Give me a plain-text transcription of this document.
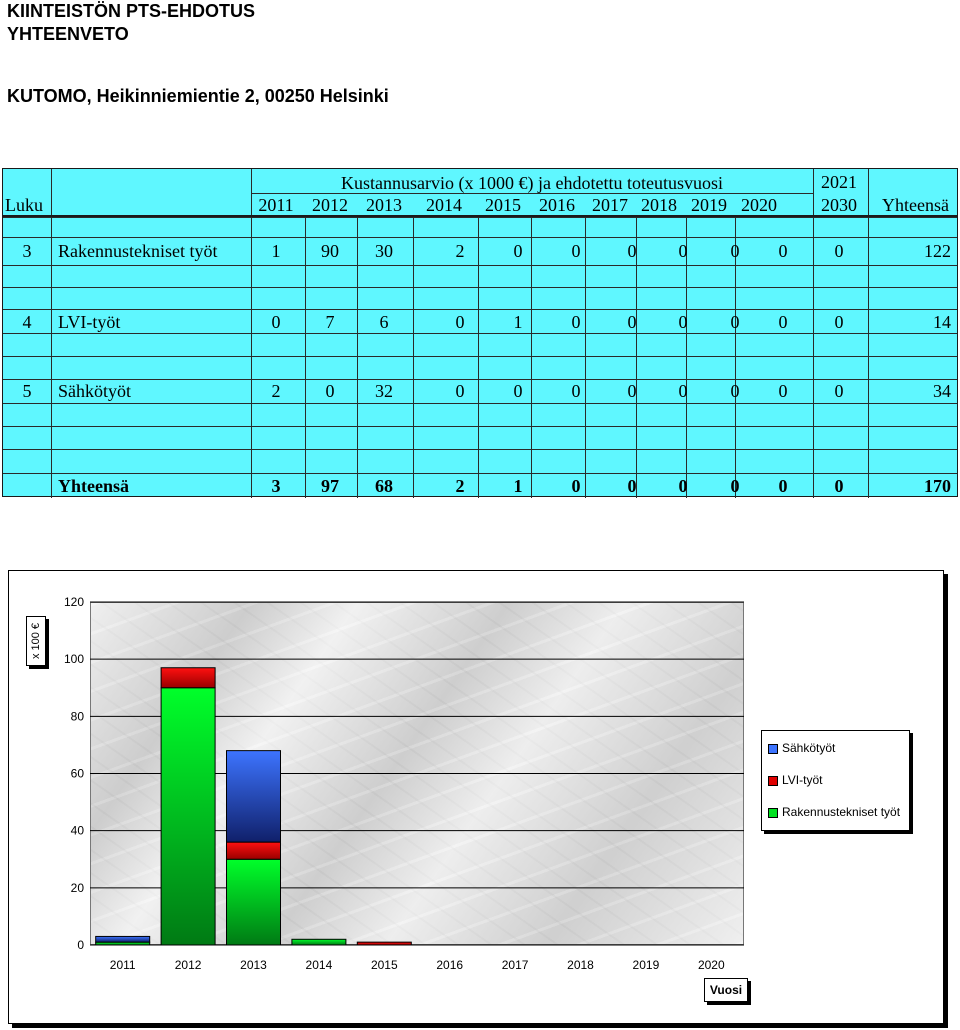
KIINTEISTÖN PTS-EHDOTUS
YHTEENVETO
KUTOMO, Heikinniemientie 2, 00250 Helsinki
Luku
Kustannusarvio (x 1000 €) ja ehdotettu toteutusvuosi
2011	2012	2013	2014	2015	2016 2017 2018 2019 2020
2021
2030	Yhteensä
3	Rakennustekniset työt	1	90	30	2	0	0	0	0	0	0	0	122
4	LVI-työt	0	7	6	0	1	0	0	0	0	0	0	14
5	Sähkötyöt	2	0	32	0	0	0	0	0	0	0	0	34
Yhteensä	3	97	68	2	1	0	0	0	0	0	0	170
0
20
40
60
80
100
120
2011	2012	2013	2014	2015	2016	2017	2018	2019	2020
x 100 €
Vuosi
Sähkötyöt
LVI-työt
Rakennustekniset työt
